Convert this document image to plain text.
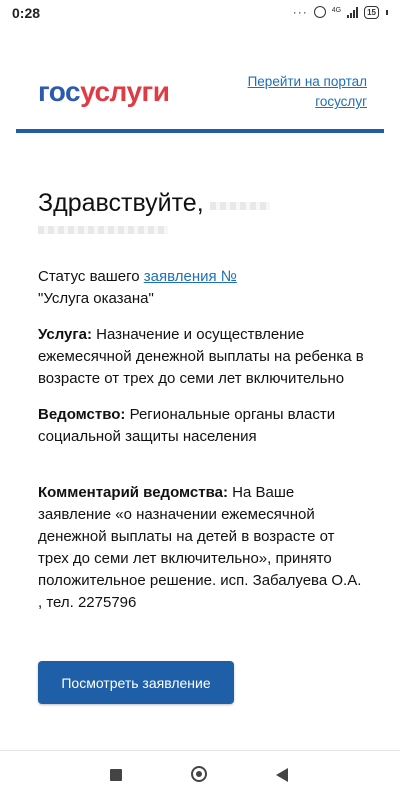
0:28	···	4G	15
госуслуги	Перейти на портал госуслуг
Здравствуйте,
Статус вашего заявления №
"Услуга оказана"
Услуга: Назначение и осуществление ежемесячной денежной выплаты на ребенка в возрасте от трех до семи лет включительно
Ведомство: Региональные органы власти социальной защиты населения
Комментарий ведомства: На Ваше заявление «о назначении ежемесячной денежной выплаты на детей в возрасте от трех до семи лет включительно», принято положительное решение. исп. Забалуева О.А. , тел. 2275796
Посмотреть заявление
